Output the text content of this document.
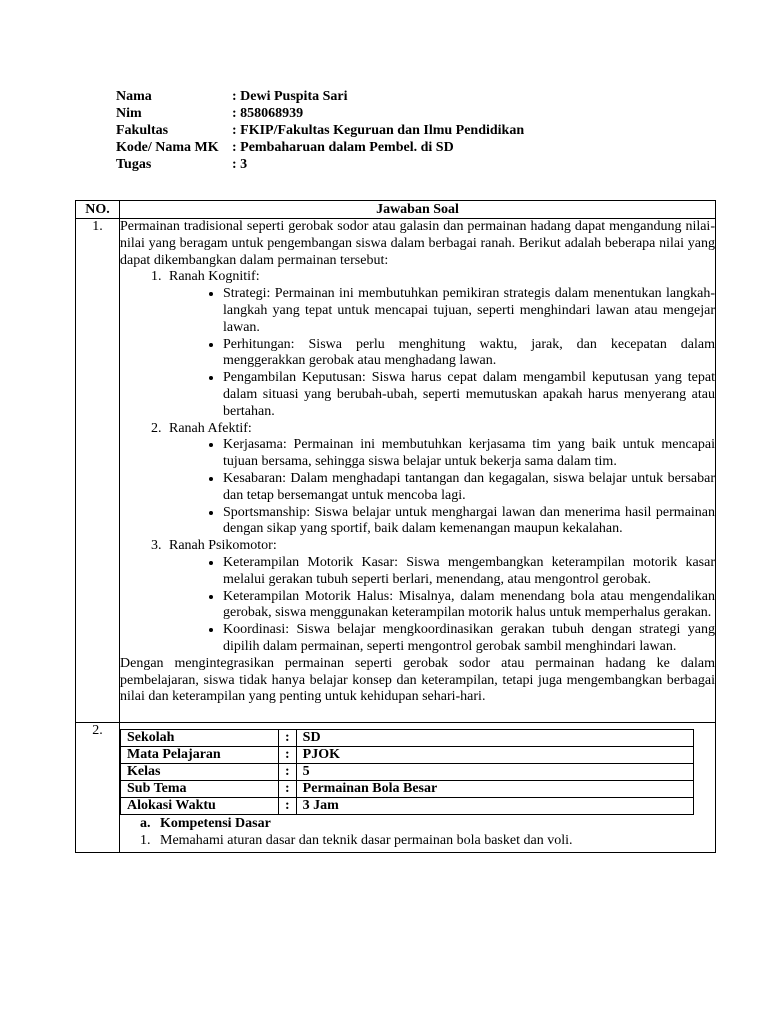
Nama	: Dewi Puspita Sari
Nim	: 858068939
Fakultas	: FKIP/Fakultas Keguruan dan Ilmu Pendidikan
Kode/ Nama MK : Pembaharuan dalam Pembel. di SD
Tugas	: 3
NO.	Jawaban Soal
1.	Permainan tradisional seperti gerobak sodor atau galasin dan permainan hadang dapat mengandung nilai-nilai yang beragam untuk pengembangan siswa dalam berbagai ranah. Berikut adalah beberapa nilai yang dapat dikembangkan dalam permainan tersebut:

1. Ranah Kognitif:
• Strategi: Permainan ini membutuhkan pemikiran strategis dalam menentukan langkah-langkah yang tepat untuk mencapai tujuan, seperti menghindari lawan atau mengejar lawan.
• Perhitungan: Siswa perlu menghitung waktu, jarak, dan kecepatan dalam menggerakkan gerobak atau menghadang lawan.
• Pengambilan Keputusan: Siswa harus cepat dalam mengambil keputusan yang tepat dalam situasi yang berubah-ubah, seperti memutuskan apakah harus menyerang atau bertahan.
2. Ranah Afektif:
• Kerjasama: Permainan ini membutuhkan kerjasama tim yang baik untuk mencapai tujuan bersama, sehingga siswa belajar untuk bekerja sama dalam tim.
• Kesabaran: Dalam menghadapi tantangan dan kegagalan, siswa belajar untuk bersabar dan tetap bersemangat untuk mencoba lagi.
• Sportsmanship: Siswa belajar untuk menghargai lawan dan menerima hasil permainan dengan sikap yang sportif, baik dalam kemenangan maupun kekalahan.
3. Ranah Psikomotor:
• Keterampilan Motorik Kasar: Siswa mengembangkan keterampilan motorik kasar melalui gerakan tubuh seperti berlari, menendang, atau mengontrol gerobak.
• Keterampilan Motorik Halus: Misalnya, dalam menendang bola atau mengendalikan gerobak, siswa menggunakan keterampilan motorik halus untuk memperhalus gerakan.
• Koordinasi: Siswa belajar mengkoordinasikan gerakan tubuh dengan strategi yang dipilih dalam permainan, seperti mengontrol gerobak sambil menghindari lawan.

Dengan mengintegrasikan permainan seperti gerobak sodor atau permainan hadang ke dalam pembelajaran, siswa tidak hanya belajar konsep dan keterampilan, tetapi juga mengembangkan berbagai nilai dan keterampilan yang penting untuk kehidupan sehari-hari.

2.	Sekolah	:	SD
Mata Pelajaran	:	PJOK
Kelas	:	5
Sub Tema	:	Permainan Bola Besar
Alokasi Waktu	:	3 Jam
a. Kompetensi Dasar
1. Memahami aturan dasar dan teknik dasar permainan bola basket dan voli.
